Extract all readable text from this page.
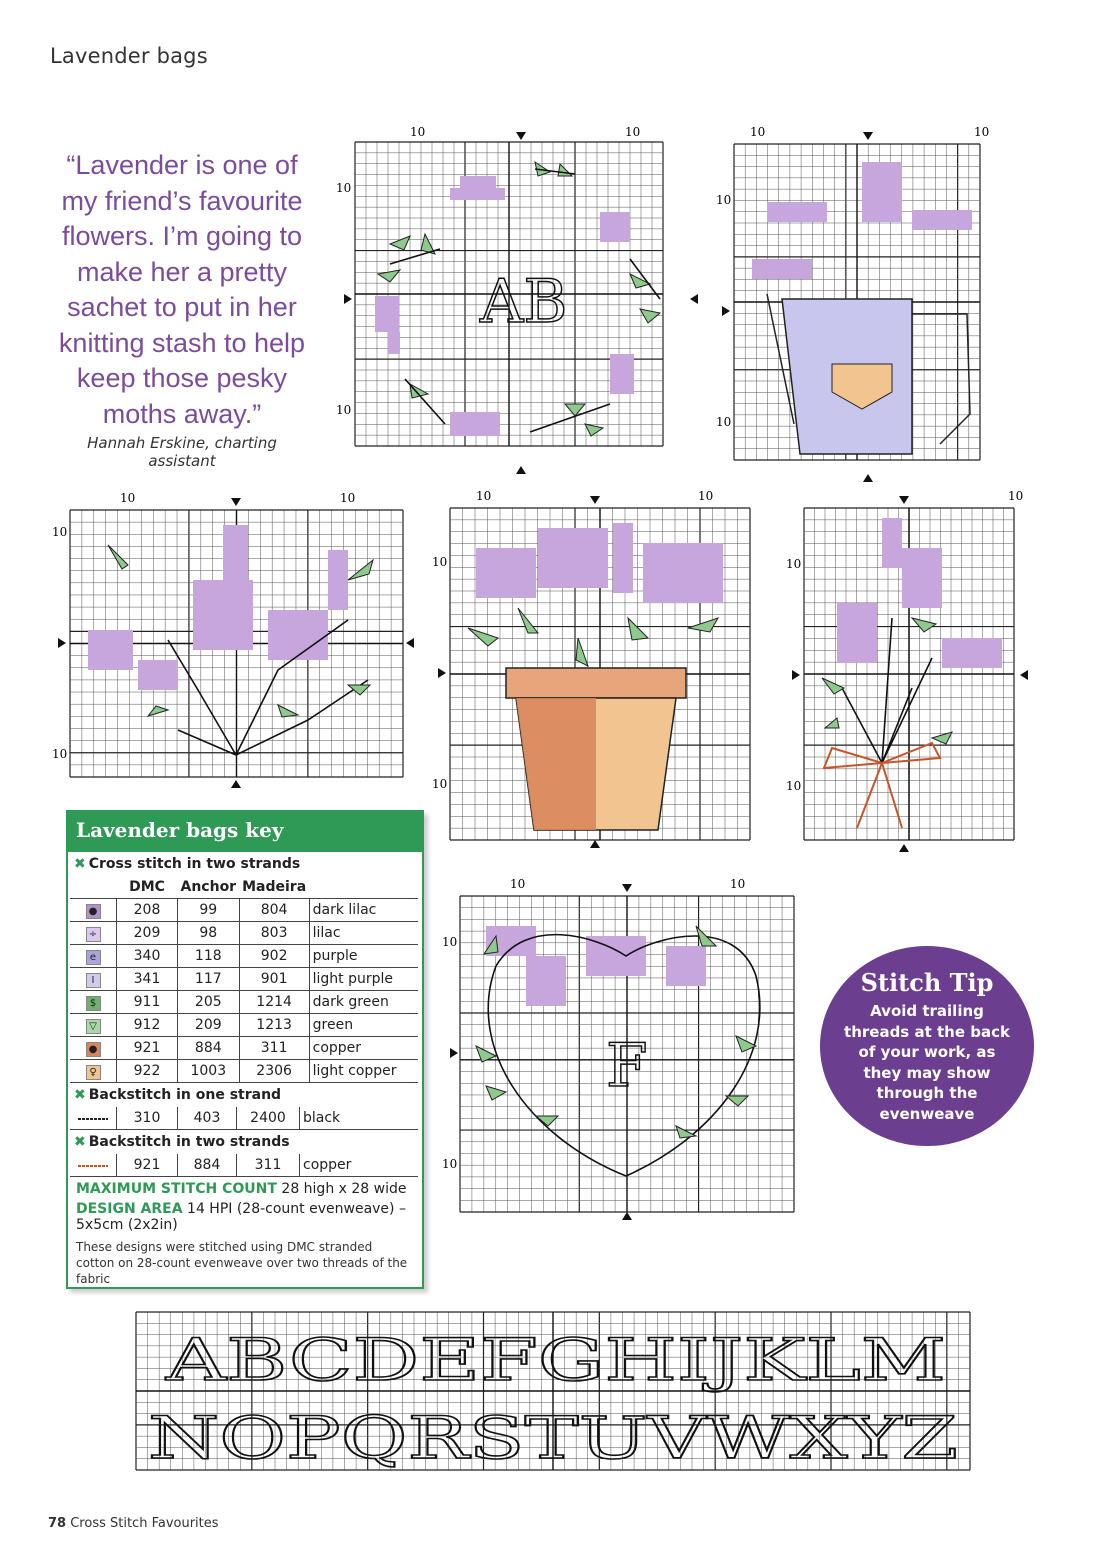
Lavender bags
“Lavender is one of my friend’s favourite flowers. I’m going to make her a pretty sachet to put in her knitting stash to help keep those pesky moths away.”
Hannah Erskine, charting assistant
10	10
10
10
AB
10	10
10
10
10	10
10
10
10	10
10
10
10
10
10
10	10
10
10
F
Lavender bags key
✖ Cross stitch in two strands
	DMC	Anchor	Madeira	
●	208	99	804	dark lilac
÷	209	98	803	lilac
e	340	118	902	purple
I	341	117	901	light purple
$	911	205	1214	dark green
▽	912	209	1213	green
●	921	884	311	copper
♀	922	1003	2306	light copper
✖ Backstitch in one strand
	310	403	2400	black
✖ Backstitch in two strands
	921	884	311	copper
MAXIMUM STITCH COUNT 28 high x 28 wide
DESIGN AREA 14 HPI (28-count evenweave) – 5x5cm (2x2in)
These designs were stitched using DMC stranded cotton on 28-count evenweave over two threads of the fabric
Stitch Tip
Avoid trailing threads at the back of your work, as they may show through the evenweave
ABCDEFGHIJKLM
NOPQRSTUVWXYZ
78 Cross Stitch Favourites
